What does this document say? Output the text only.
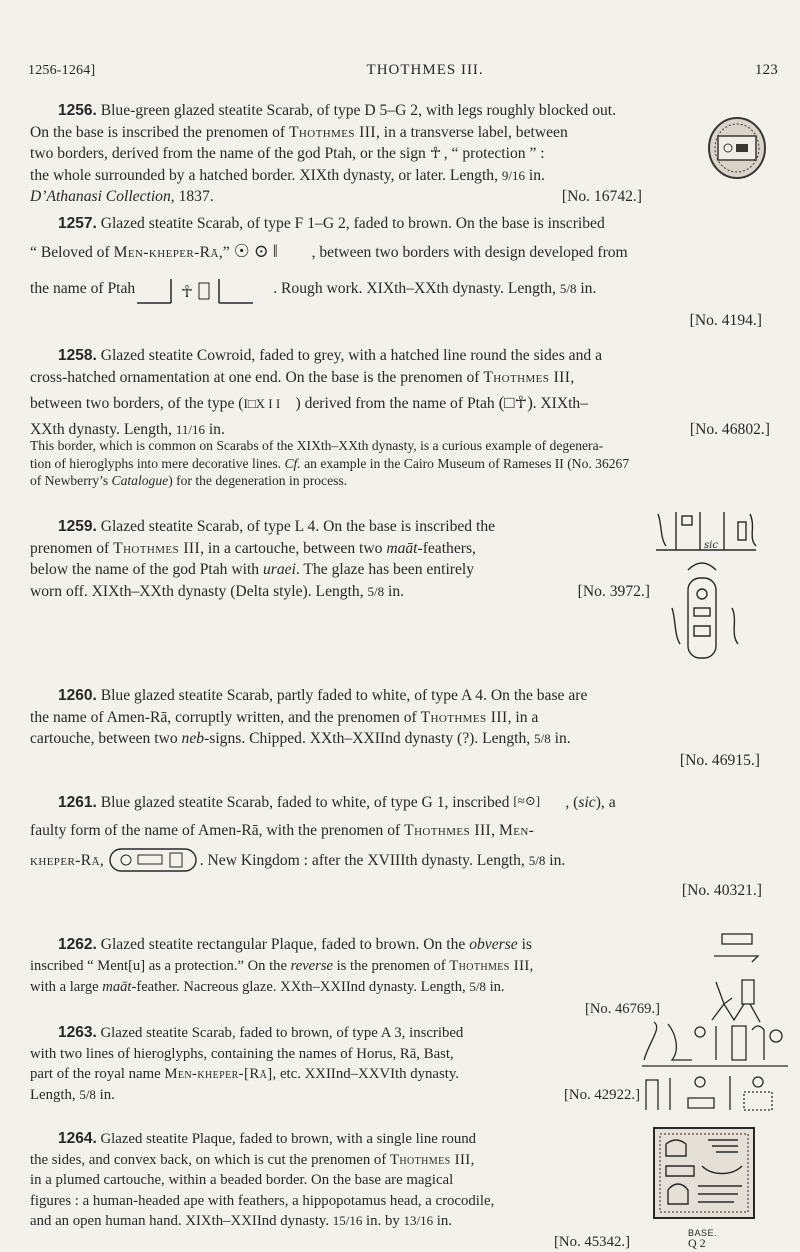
1256-1264]	THOTHMES III.	123
1256. Blue-green glazed steatite Scarab, of type D 5–G 2, with legs roughly blocked out.
On the base is inscribed the prenomen of Thothmes III, in a transverse label, between
two borders, derived from the name of the god Ptah, or the sign ☥ , “ protection ” :
the whole surrounded by a hatched border. XIXth dynasty, or later. Length, 9/16 in.
D’Athanasi Collection, 1837.	[No. 16742.]
1257. Glazed steatite Scarab, of type F 1–G 2, faded to brown. On the base is inscribed
“ Beloved of Men-kheper-Rā,” ☉⊙‖ , between two borders with design developed from
the name of Ptah	☥	. Rough work. XIXth–XXth dynasty. Length, 5/8 in.
[No. 4194.]
1258. Glazed steatite Cowroid, faded to grey, with a hatched line round the sides and a
cross-hatched ornamentation at one end. On the base is the prenomen of Thothmes III,
between two borders, of the type (I□X I I ) derived from the name of Ptah (□☥). XIXth–
XXth dynasty. Length, 11/16 in.	[No. 46802.]
This border, which is common on Scarabs of the XIXth–XXth dynasty, is a curious example of degenera-
tion of hieroglyphs into mere decorative lines. Cf. an example in the Cairo Museum of Rameses II (No. 36267
of Newberry’s Catalogue) for the degeneration in process.
1259. Glazed steatite Scarab, of type L 4. On the base is inscribed the
prenomen of Thothmes III, in a cartouche, between two maāt-feathers,
below the name of the god Ptah with uraei. The glaze has been entirely
worn off. XIXth–XXth dynasty (Delta style). Length, 5/8 in.	[No. 3972.]
sic
1260. Blue glazed steatite Scarab, partly faded to white, of type A 4. On the base are
the name of Amen-Rā, corruptly written, and the prenomen of Thothmes III, in a
cartouche, between two neb-signs. Chipped. XXth–XXIInd dynasty (?). Length, 5/8 in.
[No. 46915.]
1261. Blue glazed steatite Scarab, faded to white, of type G 1, inscribed [≈⊙] , (sic), a
faulty form of the name of Amen-Rā, with the prenomen of Thothmes III, Men-
kheper-Rā,	. New Kingdom : after the XVIIIth dynasty. Length, 5/8 in.
[No. 40321.]
1262. Glazed steatite rectangular Plaque, faded to brown. On the obverse is
inscribed “ Ment[u] as a protection.” On the reverse is the prenomen of Thothmes III,
with a large maāt-feather. Nacreous glaze. XXth–XXIInd dynasty. Length, 5/8 in.
[No. 46769.]
1263. Glazed steatite Scarab, faded to brown, of type A 3, inscribed
with two lines of hieroglyphs, containing the names of Horus, Rā, Bast,
part of the royal name Men-kheper-[Rā], etc. XXIInd–XXVIth dynasty.
Length, 5/8 in.	[No. 42922.]
1264. Glazed steatite Plaque, faded to brown, with a single line round
the sides, and convex back, on which is cut the prenomen of Thothmes III,
in a plumed cartouche, within a beaded border. On the base are magical
figures : a human-headed ape with feathers, a hippopotamus head, a crocodile,
and an open human hand. XIXth–XXIInd dynasty. 15/16 in. by 13/16 in.
[No. 45342.]
BASE.
Q 2
